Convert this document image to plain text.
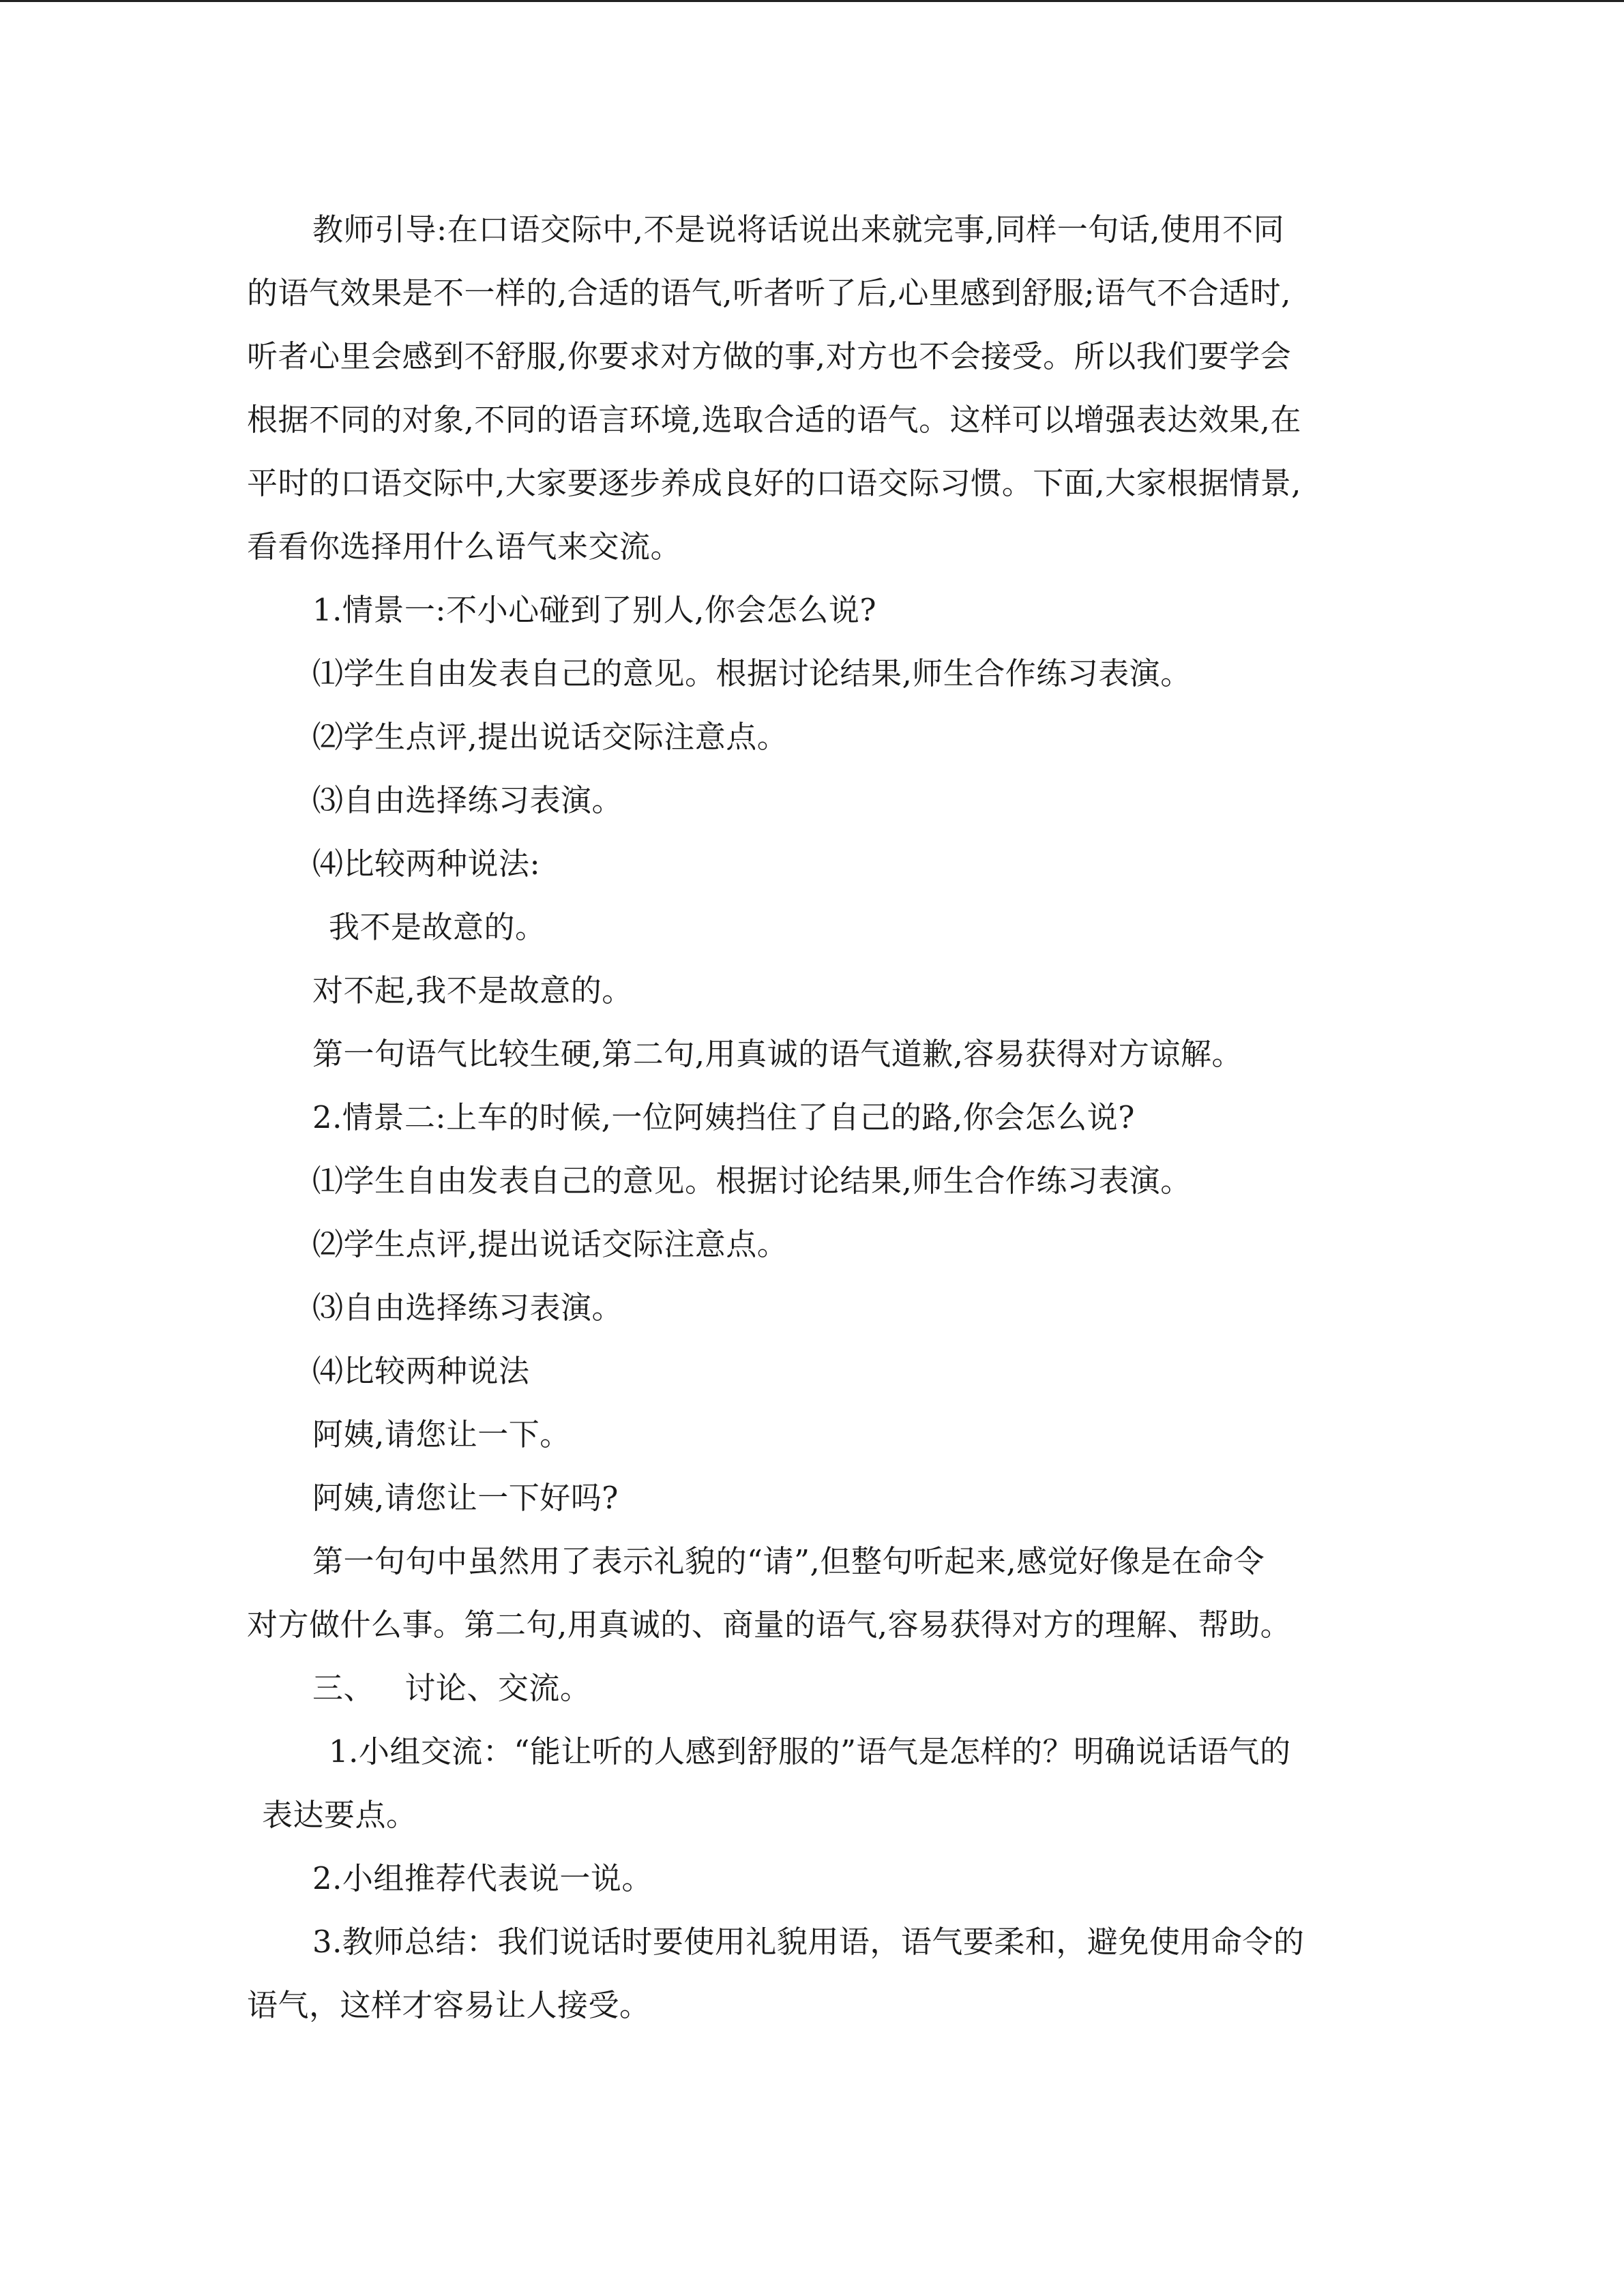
教师引导:在口语交际中,不是说将话说出来就完事,同样一句话,使用不同

的语气效果是不一样的,合适的语气,听者听了后,心里感到舒服;语气不合适时,

听者心里会感到不舒服,你要求对方做的事,对方也不会接受。所以我们要学会

根据不同的对象,不同的语言环境,选取合适的语气。这样可以增强表达效果,在

平时的口语交际中,大家要逐步养成良好的口语交际习惯。下面,大家根据情景,

看看你选择用什么语气来交流。

1.情景一:不小心碰到了别人,你会怎么说?

⑴学生自由发表自己的意见。根据讨论结果,师生合作练习表演。

⑵学生点评,提出说话交际注意点。

⑶自由选择练习表演。

⑷比较两种说法:

我不是故意的。

对不起,我不是故意的。

第一句语气比较生硬,第二句,用真诚的语气道歉,容易获得对方谅解。

2.情景二:上车的时候,一位阿姨挡住了自己的路,你会怎么说?

⑴学生自由发表自己的意见。根据讨论结果,师生合作练习表演。

⑵学生点评,提出说话交际注意点。

⑶自由选择练习表演。

⑷比较两种说法

阿姨,请您让一下。

阿姨,请您让一下好吗?

第一句句中虽然用了表示礼貌的“请”,但整句听起来,感觉好像是在命令

对方做什么事。第二句,用真诚的、商量的语气,容易获得对方的理解、帮助。

三、   讨论、交流。

1.小组交流：“能让听的人感到舒服的”语气是怎样的？明确说话语气的

表达要点。

2.小组推荐代表说一说。

3.教师总结：我们说话时要使用礼貌用语，语气要柔和，避免使用命令的

语气，这样才容易让人接受。
